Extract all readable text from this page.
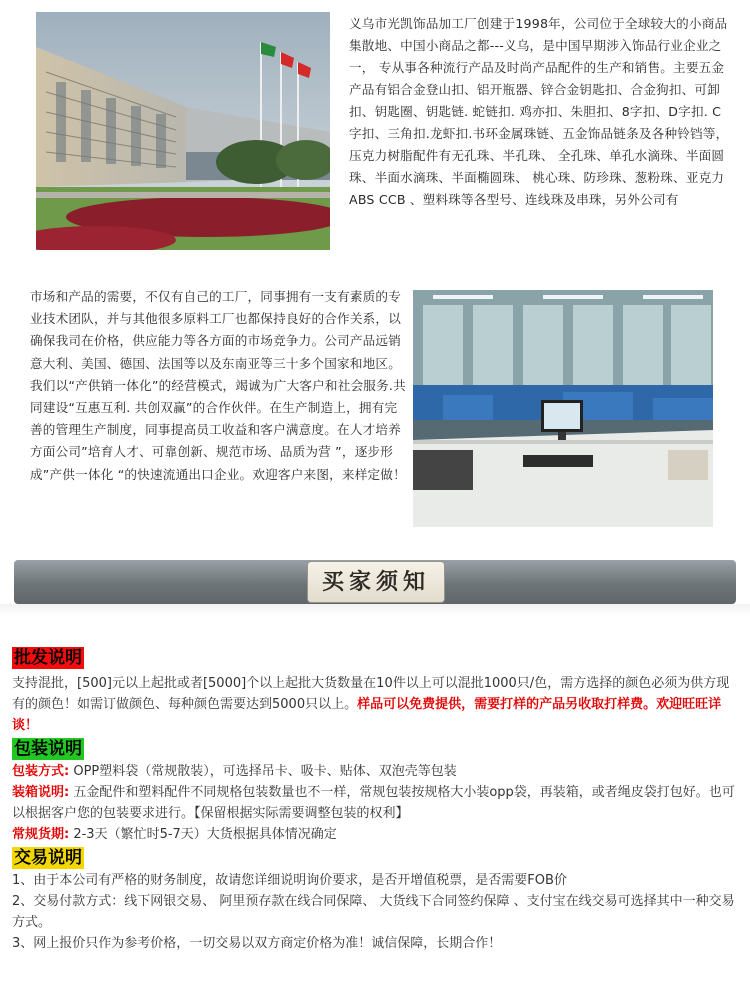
义乌市光凯饰品加工厂创建于1998年，公司位于全球较大的小商品集散地、中国小商品之都---义乌，是中国早期涉入饰品行业企业之一， 专从事各种流行产品及时尚产品配件的生产和销售。主要五金产品有铝合金登山扣、铝开瓶器、锌合金钥匙扣、合金狗扣、可卸扣、钥匙圈、钥匙链. 蛇链扣. 鸡亦扣、朱胆扣、8字扣、D字扣. C字扣、三角扣.龙虾扣.书环金属珠链、五金饰品链条及各种铃铛等，压克力树脂配件有无孔珠、半孔珠、 全孔珠、单孔水滴珠、半面圆珠、半面水滴珠、半面椭圆珠、 桃心珠、防珍珠、葱粉珠、亚克力ABS CCB 、塑料珠等各型号、连线珠及串珠，另外公司有
市场和产品的需要，不仅有自己的工厂，同事拥有一支有素质的专业技术团队，并与其他很多原料工厂也都保持良好的合作关系，以确保我司在价格，供应能力等各方面的市场竞争力。公司产品远销意大利、美国、德国、法国等以及东南亚等三十多个国家和地区。我们以“产供销一体化”的经营模式，竭诚为广大客户和社会服务.共同建设“互惠互利. 共创双赢”的合作伙伴。在生产制造上，拥有完善的管理生产制度，同事提高员工收益和客户满意度。在人才培养方面公司”培育人才、可靠创新、规范市场、品质为营 ”，逐步形成”产供一体化 “的快速流通出口企业。欢迎客户来图，来样定做！
买家须知
批发说明

支持混批，[500]元以上起批或者[5000]个以上起批大货数量在10件以上可以混批1000只/色，需方选择的颜色必须为供方现有的颜色！如需订做颜色、每种颜色需要达到5000只以上。样品可以免费提供，需要打样的产品另收取打样费。欢迎旺旺详谈！

包装说明

包装方式: OPP塑料袋（常规散装），可选择吊卡、吸卡、贴体、双泡壳等包装

装箱说明: 五金配件和塑料配件不同规格包装数量也不一样，常规包装按规格大小装opp袋，再装箱，或者绳皮袋打包好。也可以根据客户您的包装要求进行。【保留根据实际需要调整包装的权利】

常规货期: 2-3天（繁忙时5-7天）大货根据具体情况确定

交易说明

1、由于本公司有严格的财务制度，故请您详细说明询价要求，是否开增值税票，是否需要FOB价

2、交易付款方式：线下网银交易、 阿里预存款在线合同保障、 大货线下合同签约保障 、支付宝在线交易可选择其中一种交易方式。

3、网上报价只作为参考价格，一切交易以双方商定价格为准！诚信保障，长期合作！
